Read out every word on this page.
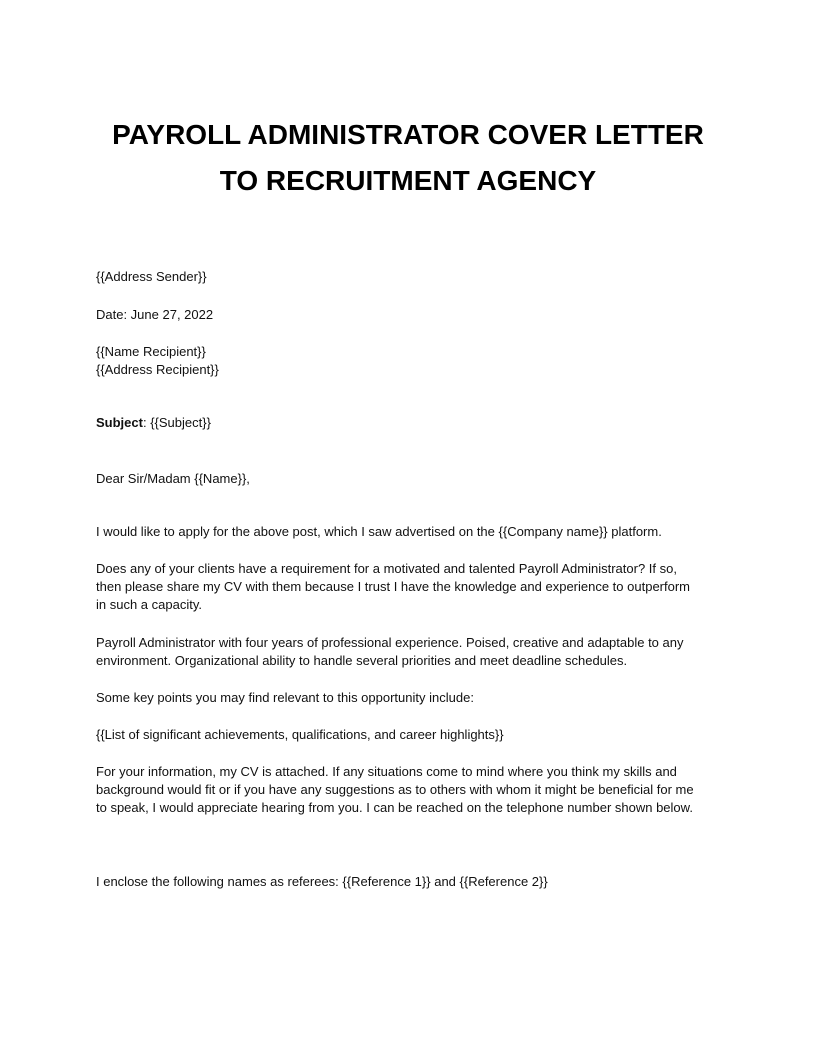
PAYROLL ADMINISTRATOR COVER LETTER
TO RECRUITMENT AGENCY
{{Address Sender}}
Date: June 27, 2022
{{Name Recipient}}
{{Address Recipient}}
Subject: {{Subject}}
Dear Sir/Madam {{Name}},
I would like to apply for the above post, which I saw advertised on the {{Company name}} platform.
Does any of your clients have a requirement for a motivated and talented Payroll Administrator? If so,
then please share my CV with them because I trust I have the knowledge and experience to outperform
in such a capacity.
Payroll Administrator with four years of professional experience. Poised, creative and adaptable to any
environment. Organizational ability to handle several priorities and meet deadline schedules.
Some key points you may find relevant to this opportunity include:
{{List of significant achievements, qualifications, and career highlights}}
For your information, my CV is attached. If any situations come to mind where you think my skills and
background would fit or if you have any suggestions as to others with whom it might be beneficial for me
to speak, I would appreciate hearing from you. I can be reached on the telephone number shown below.
I enclose the following names as referees: {{Reference 1}} and {{Reference 2}}
